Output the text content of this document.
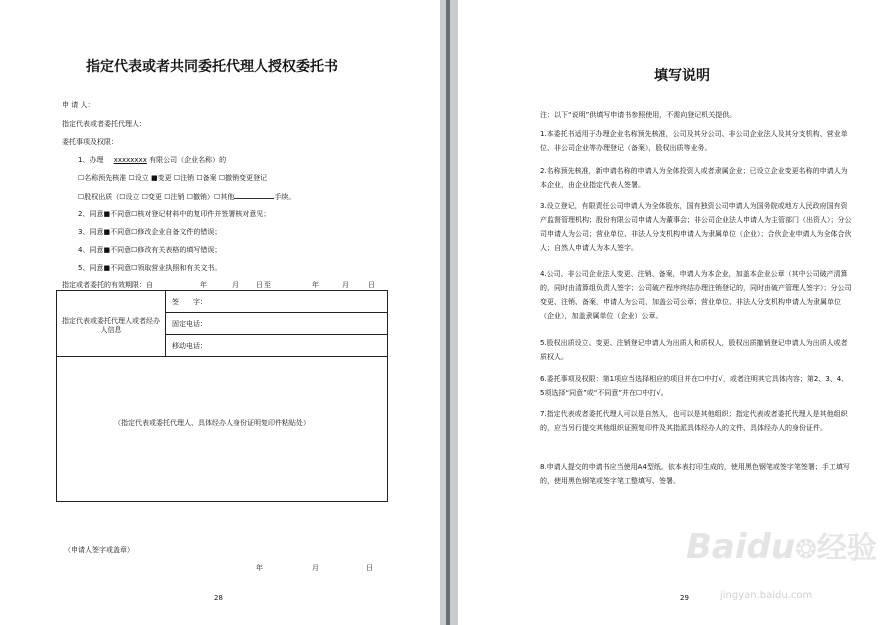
指定代表或者共同委托代理人授权委托书
申 请 人：
指定代表或者委托代理人：
委托事项及权限：
1、办理 xxxxxxxx 有限公司（企业名称）的
☐名称预先核准 ☐设立 ■变更 ☐注销 ☐备案 ☐撤销变更登记
☐股权出质（☐设立 ☐变更 ☐注销 ☐撤销）☐其他	手续。
2、同意■不同意☐核对登记材料中的复印件并签署核对意见；
3、同意■不同意☐修改企业自备文件的错误；
4、同意■不同意☐修改有关表格的填写错误；
5、同意■不同意☐领取营业执照和有关文书。
指定或者委托的有效期限：自	年	月 日 至	年	月	日
指定代表或委托代理人或者经办人信息
签　　字：
固定电话：
移动电话：
（指定代表或委托代理人、具体经办人身份证明复印件粘贴处）
（申请人签字或盖章）
年	月	日
28
填写说明
注：以下“说明”供填写申请书参照使用，不需向登记机关提供。
1.本委托书适用于办理企业名称预先核准，公司及其分公司、非公司企业法人及其分支机构、营业单位、非公司企业等办理登记（备案），股权出质等业务。
2.名称预先核准，新申请名称的申请人为全体投资人或者隶属企业；已设立企业变更名称的申请人为本企业，由企业指定代表人签署。
3.设立登记，有限责任公司申请人为全体股东，国有独资公司申请人为国务院或地方人民政府国有资产监督管理机构；股份有限公司申请人为董事会；非公司企业法人申请人为主管部门（出资人）；分公司申请人为公司；营业单位、非法人分支机构申请人为隶属单位（企业）；合伙企业申请人为全体合伙人；自然人申请人为本人签字。
4.公司、非公司企业法人变更、注销、备案，申请人为本企业，加盖本企业公章（其中公司破产清算的，同时由清算组负责人签字；公司破产程序终结办理注销登记的，同时由破产管理人签字）；分公司变更、注销、备案，申请人为公司，加盖公司公章；营业单位、非法人分支机构申请人为隶属单位（企业），加盖隶属单位（企业）公章。
5.股权出质设立、变更、注销登记申请人为出质人和质权人，股权出质撤销登记申请人为出质人或者质权人。
6.委托事项及权限：第1项应当选择相应的项目并在☐中打√，或者注明其它具体内容；第2、3、4、5项选择“同意”或“不同意”并在☐中打√。
7.指定代表或者委托代理人可以是自然人，也可以是其他组织；指定代表或者委托代理人是其他组织的，应当另行提交其他组织证照复印件及其指派具体经办人的文件、具体经办人的身份证件。
8.申请人提交的申请书应当使用A4型纸。依本表打印生成的，使用黑色钢笔或签字笔签署；手工填写的，使用黑色钢笔或签字笔工整填写、签署。
29
Baidu❂经验
jingyan.baidu.com
